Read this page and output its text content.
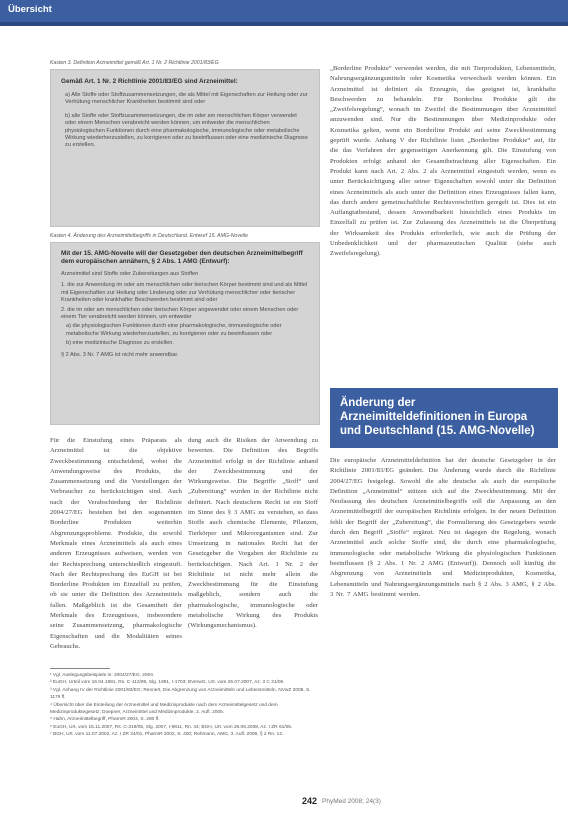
Übersicht
Kasten 3. Definition Arzneimittel gemäß Art. 1 Nr. 2 Richtlinie 2001/83/EG

Gemäß Art. 1 Nr. 2 Richtlinie 2001/83/EG sind Arzneimittel:

a) Alle Stoffe oder Stoffzusammensetzungen, die als Mittel mit Eigenschaften zur Heilung oder zur Verhütung menschlicher Krankheiten bestimmt sind oder

b) alle Stoffe oder Stoffzusammensetzungen, die im oder am menschlichen Körper verwendet oder einem Menschen verabreicht werden können, um entweder die menschlichen physiologischen Funktionen durch eine pharmakologische, immunologische oder metabolische Wirkung wiederherzustellen, zu korrigieren oder zu beeinflussen oder eine medizinische Diagnose zu erstellen.

Kasten 4. Änderung des Arzneimittelbegriffs in Deutschland, Entwurf 15. AMG-Novelle

Mit der 15. AMG-Novelle will der Gesetzgeber den deutschen Arzneimittelbegriff dem europäischen annähern, § 2 Abs. 1 AMG (Entwurf):

Arzneimittel sind Stoffe oder Zubereitungen aus Stoffen

1. die zur Anwendung im oder am menschlichen oder tierischen Körper bestimmt sind und als Mittel mit Eigenschaften zur Heilung oder Linderung oder zur Verhütung menschlicher oder tierischer Krankheiten oder krankhafter Beschwerden bestimmt sind oder

2. die im oder am menschlichen oder tierischen Körper angewendet oder einem Menschen oder einem Tier verabreicht werden können, um entweder

a) die physiologischen Funktionen durch eine pharmakologische, immunologische oder metabolische Wirkung wiederherzustellen, zu korrigieren oder zu beeinflussen oder

b) eine medizinische Diagnose zu erstellen.

§ 2 Abs. 3 Nr. 7 AMG ist nicht mehr anwendbar.

„Borderline Produkte“ verwendet werden, die mit Tierprodukten, Lebensmitteln, Nahrungsergänzungsmitteln oder Kosmetika verwechselt werden können. Ein Arzneimittel ist definiert als Erzeugnis, das geeignet ist, krankhafte Beschwerden zu behandeln. Für Borderline Produkte gilt die „Zweifelsregelung“, wonach im Zweifel die Bestimmungen über Arzneimittel anzuwenden sind. Nur die Bestimmungen über Medizinprodukte oder Kosmetika gelten, wenn ein Borderline Produkt auf seine Zweckbestimmung geprüft wurde. Anhang V der Richtlinie listet „Borderline Produkte“ auf, für die das Verfahren der gegenseitigen Anerkennung gilt. Die Einstufung von Produkten erfolgt anhand der Gesamtbetrachtung aller Eigenschaften. Ein Produkt kann nach Art. 2 Abs. 2 als Arzneimittel eingestuft werden, wenn es unter Berücksichtigung aller seiner Eigenschaften sowohl unter die Definition eines Arzneimittels als auch unter die Definition eines Erzeugnisses fallen kann, das durch andere gemeinschaftliche Rechtsvorschriften geregelt ist. Dies ist ein Auffangtatbestand, dessen Anwendbarkeit hinsichtlich eines Produkts im Einzelfall zu prüfen ist. Zur Zulassung des Arzneimittels ist die Überprüfung der Wirksamkeit des Produkts erforderlich, wie auch die Prüfung der Unbedenklichkeit und der pharmazeutischen Qualität (siehe auch Zweifelsregelung).
Änderung der Arzneimitteldefinitionen in Europa und Deutschland (15. AMG-Novelle)
Die europäische Arzneimitteldefinition hat der deutsche Gesetzgeber in der Richtlinie 2001/83/EG geändert. Die Änderung wurde durch die Richtlinie 2004/27/EG festgelegt. Sowohl die alte deutsche als auch die europäische Definition „Arzneimittel“ stützen sich auf die Zweckbestimmung. Mit der Neufassung des deutschen Arzneimittelbegriffs soll die Anpassung an den Arzneimittelbegriff der europäischen Richtlinie erfolgen. In der neuen Definition fehlt der Begriff der „Zubereitung“, die Formulierung des Gesetzgebers wurde durch den Begriff „Stoffe“ ergänzt. Neu ist dagegen die Regelung, wonach Arzneimittel auch solche Stoffe sind, die durch eine pharmakologische, immunologische oder metabolische Wirkung die physiologischen Funktionen beeinflussen (§ 2 Abs. 1 Nr. 2 AMG (Entwurf)). Dennoch soll künftig die Abgrenzung von Arzneimitteln und Medizinprodukten, Kosmetika, Lebensmitteln und Nahrungsergänzungsmitteln nach § 2 Abs. 3 AMG, § 2 Abs. 3 Nr. 7 AMG bestimmt werden.
Für die Einstufung eines Präparats als Arzneimittel ist die objektive Zweckbestimmung entscheidend, wobei die Anwendungsweise des Produkts, die Zusammensetzung und die Vorstellungen der Verbraucher zu berücksichtigen sind. Auch nach der Verabschiedung der Richtlinie 2004/27/EG bestehen bei den sogenannten Borderline Produkten weiterhin Abgrenzungsprobleme. Produkte, die sowohl Merkmale eines Arzneimittels als auch eines anderen Erzeugnisses aufweisen, werden von der Rechtsprechung unterschiedlich eingestuft. Nach der Rechtsprechung des EuGH ist bei Borderline Produkten im Einzelfall zu prüfen, ob sie unter die Definition des Arzneimittels fallen. Maßgeblich ist die Gesamtheit der Merkmale des Erzeugnisses, insbesondere seine Zusammensetzung, pharmakologische Eigenschaften und die Modalitäten seines Gebrauchs.
dung auch die Risiken der Anwendung zu bewerten. Die Definition des Begriffs Arzneimittel erfolgt in der Richtlinie anhand der Zweckbestimmung und der Wirkungsweise. Die Begriffe „Stoff“ und „Zubereitung“ wurden in der Richtlinie nicht definiert. Nach deutschem Recht ist ein Stoff im Sinne des § 3 AMG zu verstehen, so dass Stoffe auch chemische Elemente, Pflanzen, Tierkörper und Mikroorganismen sind. Zur Umsetzung in nationales Recht hat der Gesetzgeber die Vorgaben der Richtlinie zu berücksichtigen. Nach Art. 1 Nr. 2 der Richtlinie ist nicht mehr allein die Zweckbestimmung für die Einstufung maßgeblich, sondern auch die pharmakologische, immunologische oder metabolische Wirkung des Produkts (Wirkungsmechanismus).
¹ Vgl. Auslegungsbeispiele in: 2004/27/EG, 2004.
² EuGH, Urteil vom 16.04.1991, Rs. C-112/89, Slg. 1991, I-1703; BVerwG, Urt. vom 25.07.2007, Az. 3 C 21/06.
³ Vgl. Anhang IV der Richtlinie 2001/83/EG; Rennert, Die Abgrenzung von Arzneimitteln und Lebensmitteln, NVwZ 2008, S. 1179 ff.
⁴ Übersicht über die Einteilung der Arzneimittel und Medizinprodukte nach dem Arzneimittelgesetz und dem Medizinproduktegesetz; Doepner, Arzneimittel und Medizinprodukte, 2. Aufl. 2005.
⁵ Hahn, Arzneimittelbegriff, PharmR 2004, S. 280 ff.
⁶ EuGH, Urt. vom 15.11.2007, Rs. C-319/05, Slg. 2007, I-9811, Rn. 44; BGH, Urt. vom 26.06.2008, Az. I ZR 61/05.
⁷ BGH, Urt. vom 11.07.2002, Az. I ZR 34/01, PharmR 2002, S. 400; Rehmann, AMG, 3. Aufl. 2008, § 2 Rn. 12.
242 PhyMed 2008; 24(3)
